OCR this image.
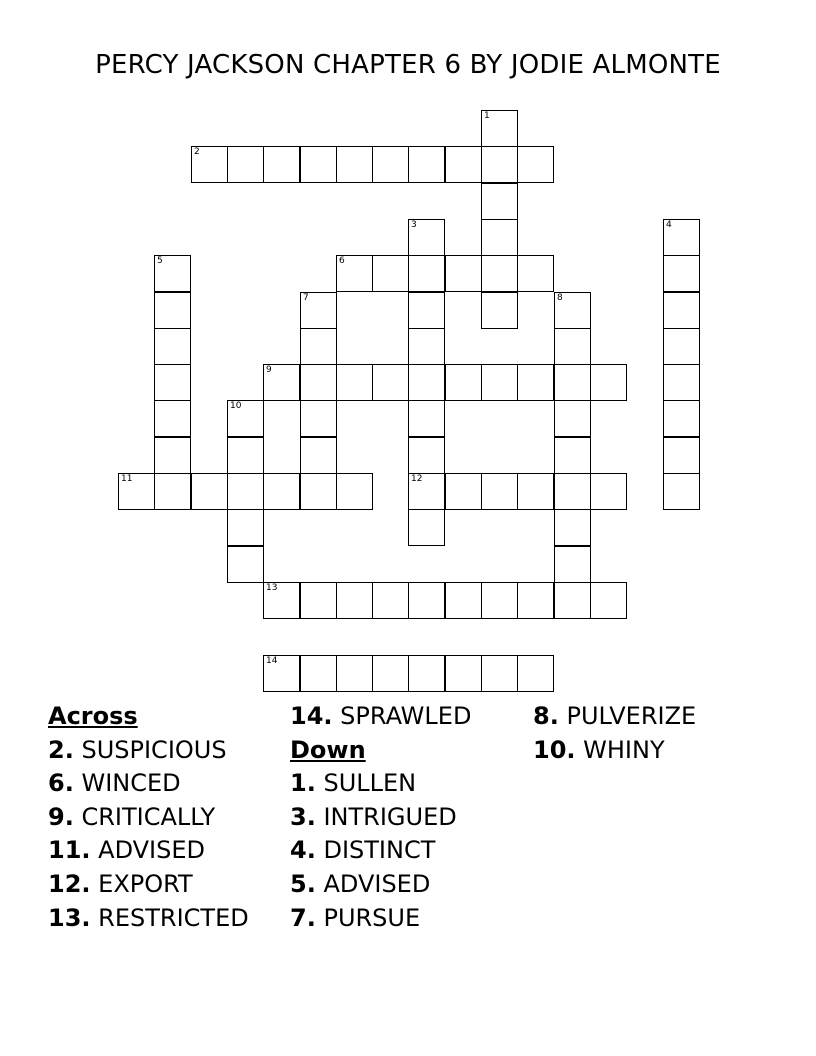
PERCY JACKSON CHAPTER 6 BY JODIE ALMONTE
1
2
3
12
4
5	6
7	8
9
10
11
13
14
Across
2. SUSPICIOUS
6. WINCED
9. CRITICALLY
11. ADVISED
12. EXPORT
13. RESTRICTED
14. SPRAWLED
Down
1. SULLEN
3. INTRIGUED
4. DISTINCT
5. ADVISED
7. PURSUE
8. PULVERIZE
10. WHINY
